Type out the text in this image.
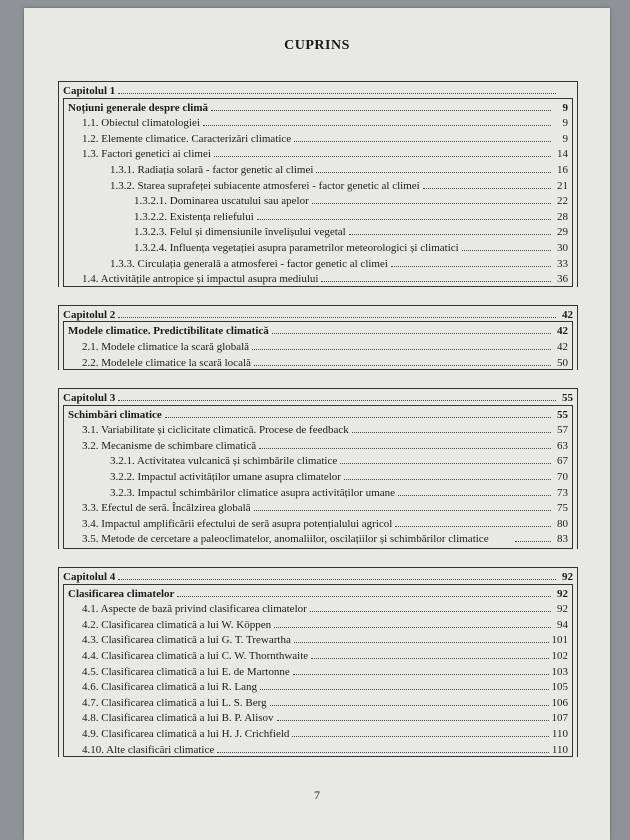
CUPRINS
Capitolul 1
Noțiuni generale despre climă	9
1.1. Obiectul climatologiei	9
1.2. Elemente climatice. Caracterizări climatice	9
1.3. Factori genetici ai climei	14
1.3.1. Radiația solară - factor genetic al climei	16
1.3.2. Starea suprafeței subiacente atmosferei - factor genetic al climei	21
1.3.2.1. Dominarea uscatului sau apelor	22
1.3.2.2. Existența reliefului	28
1.3.2.3. Felul și dimensiunile învelișului vegetal	29
1.3.2.4. Influența vegetației asupra parametrilor meteorologici și climatici	30
1.3.3. Circulația generală a atmosferei - factor genetic al climei	33
1.4. Activitățile antropice și impactul asupra mediului	36
Capitolul 2	42
Modele climatice. Predictibilitate climatică	42
2.1. Modele climatice la scară globală	42
2.2. Modelele climatice la scară locală	50
Capitolul 3	55
Schimbări climatice	55
3.1. Variabilitate și ciclicitate climatică. Procese de feedback	57
3.2. Mecanisme de schimbare climatică	63
3.2.1. Activitatea vulcanică și schimbările climatice	67
3.2.2. Impactul activităților umane asupra climatelor	70
3.2.3. Impactul schimbărilor climatice asupra activităților umane	73
3.3. Efectul de seră. Încălzirea globală	75
3.4. Impactul amplificării efectului de seră asupra potențialului agricol	80
3.5. Metode de cercetare a paleoclimatelor, anomaliilor, oscilațiilor și schimbărilor climatice	83
Capitolul 4	92
Clasificarea climatelor	92
4.1. Aspecte de bază privind clasificarea climatelor	92
4.2. Clasificarea climatică a lui W. Köppen	94
4.3. Clasificarea climatică a lui G. T. Trewartha	101
4.4. Clasificarea climatică a lui C. W. Thornthwaite	102
4.5. Clasificarea climatică a lui E. de Martonne	103
4.6. Clasificarea climatică a lui R. Lang	105
4.7. Clasificarea climatică a lui L. S. Berg	106
4.8. Clasificarea climatică a lui B. P. Alisov	107
4.9. Clasificarea climatică a lui H. J. Crichfield	110
4.10. Alte clasificări climatice	110
7
